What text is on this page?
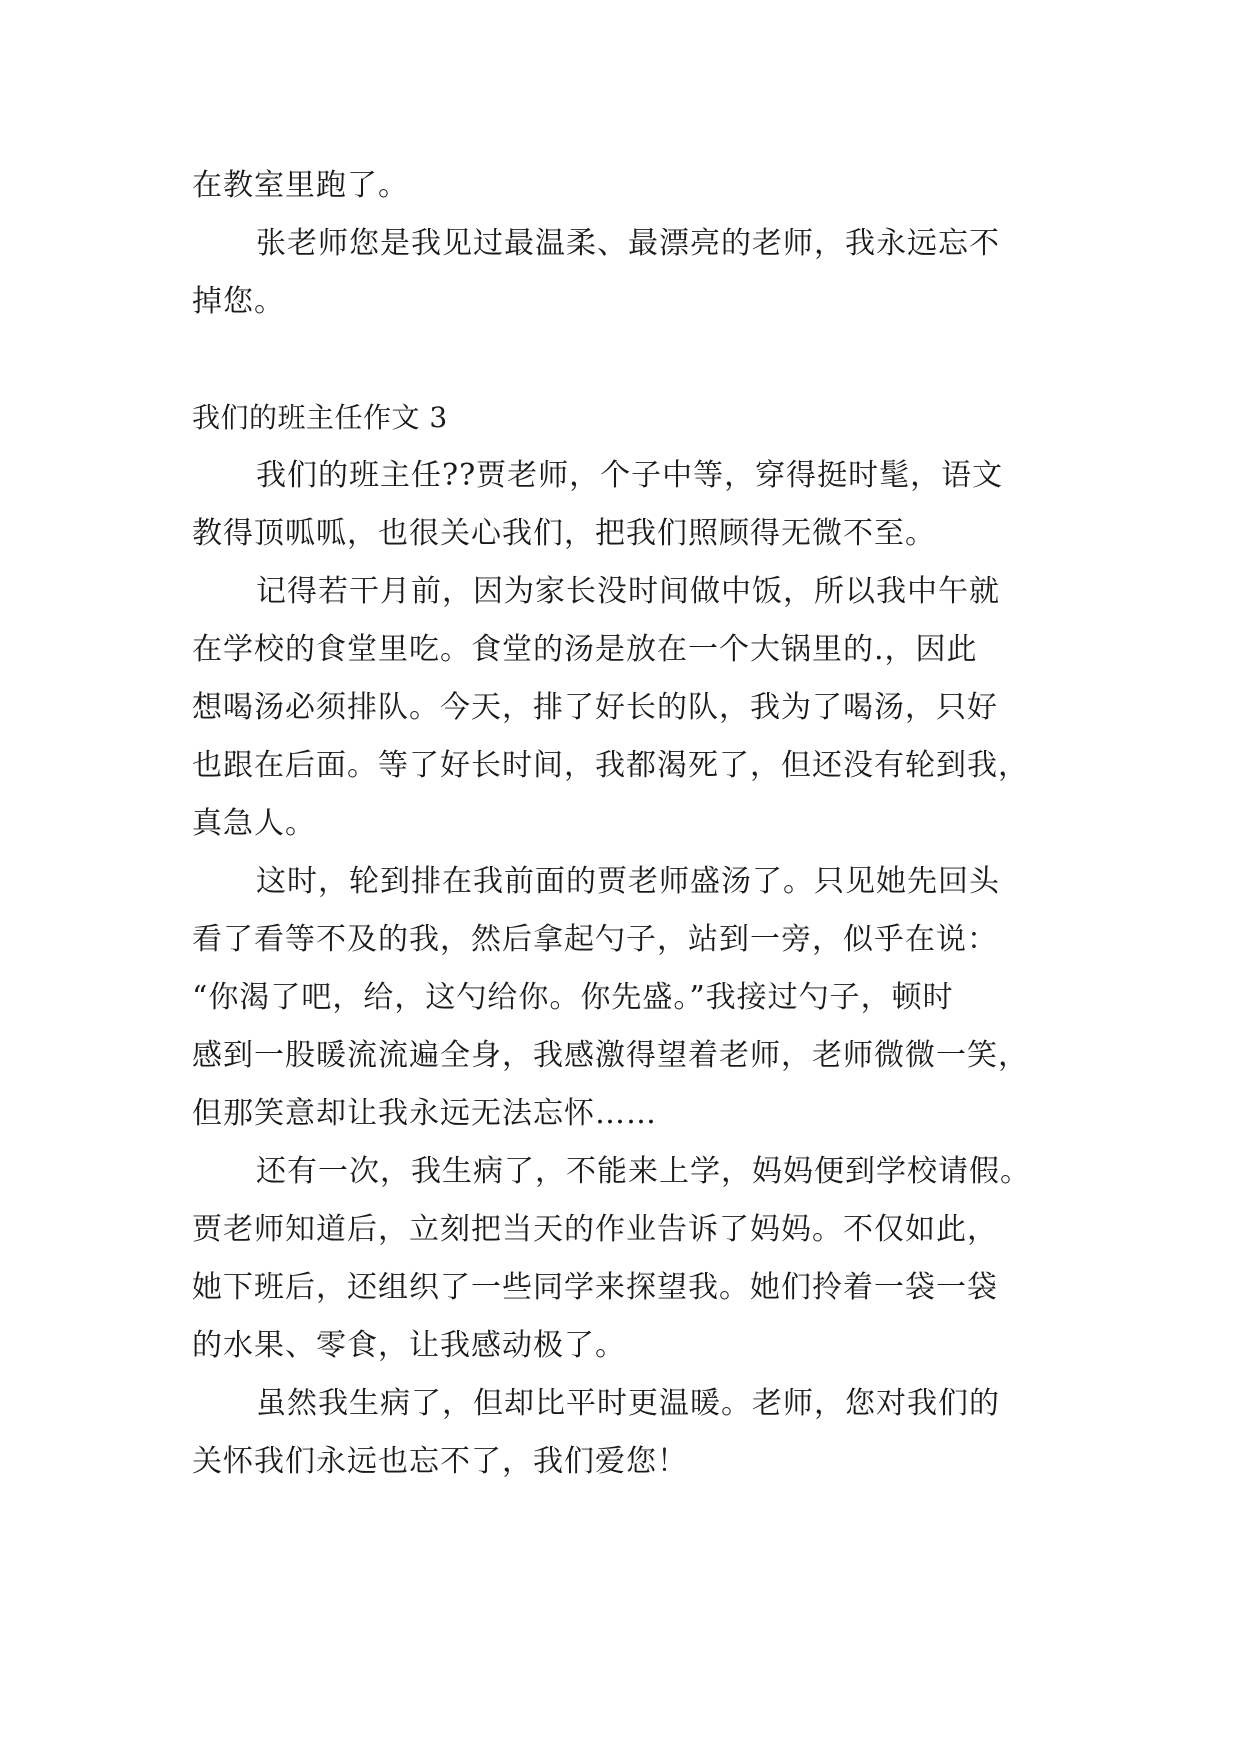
在教室里跑了。
张老师您是我见过最温柔、最漂亮的老师，我永远忘不
掉您。
我们的班主任作文 3
我们的班主任??贾老师，个子中等，穿得挺时髦，语文
教得顶呱呱，也很关心我们，把我们照顾得无微不至。
记得若干月前，因为家长没时间做中饭，所以我中午就
在学校的食堂里吃。食堂的汤是放在一个大锅里的.，因此
想喝汤必须排队。今天，排了好长的队，我为了喝汤，只好
也跟在后面。等了好长时间，我都渴死了，但还没有轮到我，
真急人。
这时，轮到排在我前面的贾老师盛汤了。只见她先回头
看了看等不及的我，然后拿起勺子，站到一旁，似乎在说：
“你渴了吧，给，这勺给你。你先盛。”我接过勺子，顿时
感到一股暖流流遍全身，我感激得望着老师，老师微微一笑，
但那笑意却让我永远无法忘怀……
还有一次，我生病了，不能来上学，妈妈便到学校请假。
贾老师知道后，立刻把当天的作业告诉了妈妈。不仅如此，
她下班后，还组织了一些同学来探望我。她们拎着一袋一袋
的水果、零食，让我感动极了。
虽然我生病了，但却比平时更温暖。老师，您对我们的
关怀我们永远也忘不了，我们爱您！
